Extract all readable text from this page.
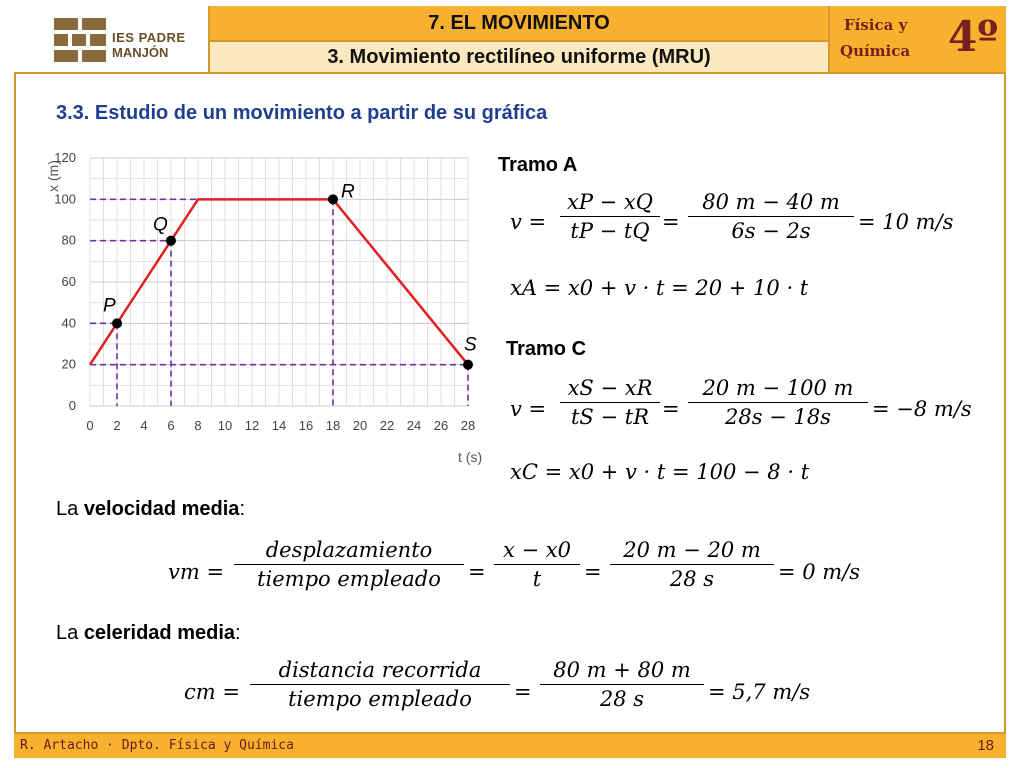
IES PADRE
MANJÓN
7. EL MOVIMIENTO
3. Movimiento rectilíneo uniforme (MRU)
Física y
Química 4º
3.3. Estudio de un movimiento a partir de su gráfica
P
Q
R
S
0
20
40
60
80
100
120
0 2 4 6 8 10 12 14 16 18 20 22 24 26 28
x (m)
t (s)
Tramo A
v =
xP − xQ
tP − tQ =
80 m − 40 m
6s − 2s	= 10 m/s
xA = x0 + v · t = 20 + 10 · t
Tramo C
v =
xS − xR
tS − tR =
20 m − 100 m
28s − 18s	= −8 m/s
xC = x0 + v · t = 100 − 8 · t
La velocidad media:
vm =
desplazamiento
tiempo empleado	=
x − x0
t	=
20 m − 20 m
28 s	= 0 m/s
La celeridad media:
cm =
distancia recorrida
tiempo empleado	=
80 m + 80 m
28 s	= 5,7 m/s
R. Artacho · Dpto. Física y Química	18
